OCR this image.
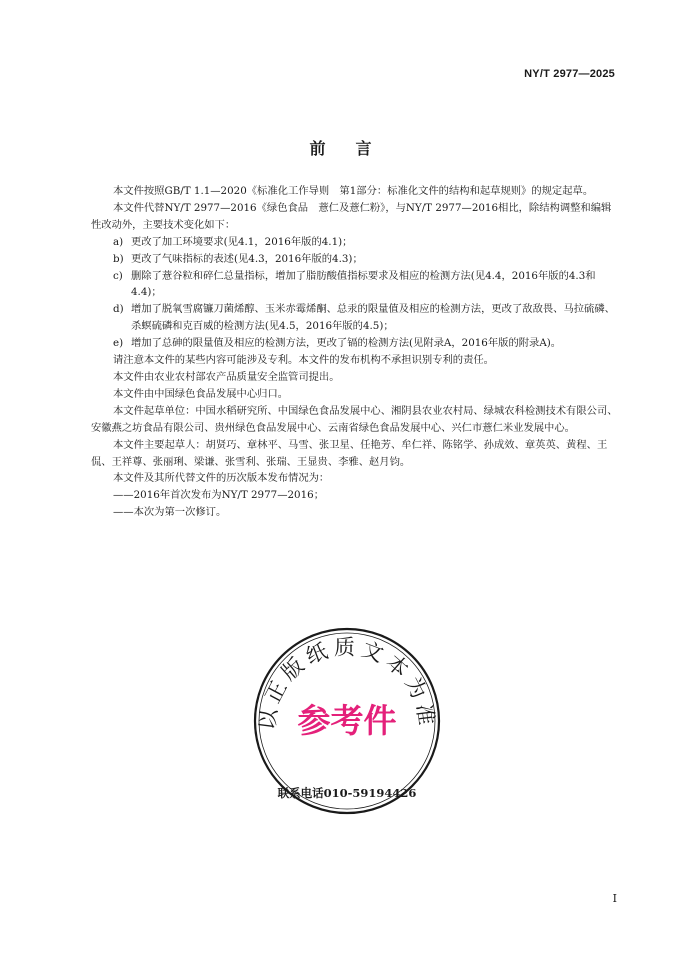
NY/T 2977—2025
前言

本文件按照GB/T 1.1—2020《标准化工作导则　第1部分：标准化文件的结构和起草规则》的规定起草。

本文件代替NY/T 2977—2016《绿色食品　薏仁及薏仁粉》，与NY/T 2977—2016相比，除结构调整和编辑性改动外，主要技术变化如下：

a) 更改了加工环境要求(见4.1，2016年版的4.1)；

b) 更改了气味指标的表述(见4.3，2016年版的4.3)；

c) 删除了薏谷粒和碎仁总量指标，增加了脂肪酸值指标要求及相应的检测方法(见4.4，2016年版的4.3和4.4)；

d) 增加了脱氧雪腐镰刀菌烯醇、玉米赤霉烯酮、总汞的限量值及相应的检测方法，更改了敌敌畏、马拉硫磷、杀螟硫磷和克百威的检测方法(见4.5，2016年版的4.5)；

e) 增加了总砷的限量值及相应的检测方法，更改了镉的检测方法(见附录A，2016年版的附录A)。

请注意本文件的某些内容可能涉及专利。本文件的发布机构不承担识别专利的责任。

本文件由农业农村部农产品质量安全监管司提出。

本文件由中国绿色食品发展中心归口。

本文件起草单位：中国水稻研究所、中国绿色食品发展中心、湘阴县农业农村局、绿城农科检测技术有限公司、安徽燕之坊食品有限公司、贵州绿色食品发展中心、云南省绿色食品发展中心、兴仁市薏仁米业发展中心。

本文件主要起草人：胡贤巧、章林平、马雪、张卫星、任艳芳、牟仁祥、陈铭学、孙成效、章英英、黄程、王侃、王祥尊、张丽琍、梁谦、张雪利、张瑞、王显贵、李雅、赵月钧。

本文件及其所代替文件的历次版本发布情况为：

——2016年首次发布为NY/T 2977—2016；

——本次为第一次修订。

以正版纸质文本为准
参考件
联系电话010-59194426
I
